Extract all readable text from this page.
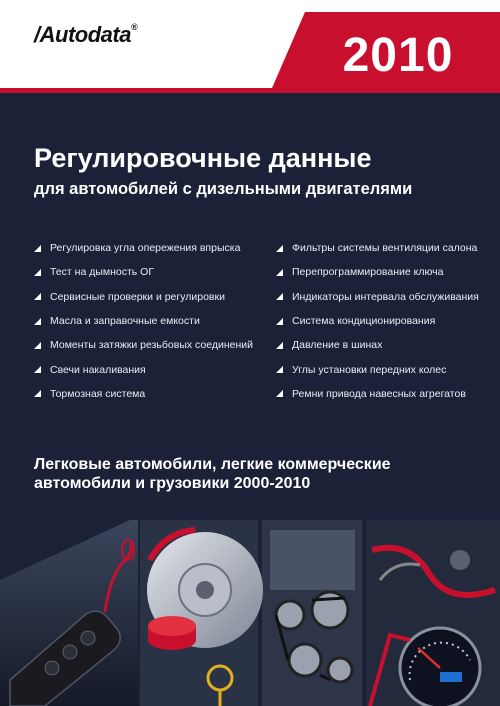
/Autodata®
2010
Регулировочные данные
для автомобилей с дизельными двигателями
Регулировка угла опережения впрыска
Тест на дымность ОГ
Сервисные проверки и регулировки
Масла и заправочные емкости
Моменты затяжки резьбовых соединений
Свечи накаливания
Тормозная система
Фильтры системы вентиляции салона
Перепрограммирование ключа
Индикаторы интервала обслуживания
Система кондиционирования
Давление в шинах
Углы установки передних колес
Ремни привода навесных агрегатов
Легковые автомобили, легкие коммерческие
автомобили и грузовики 2000-2010
